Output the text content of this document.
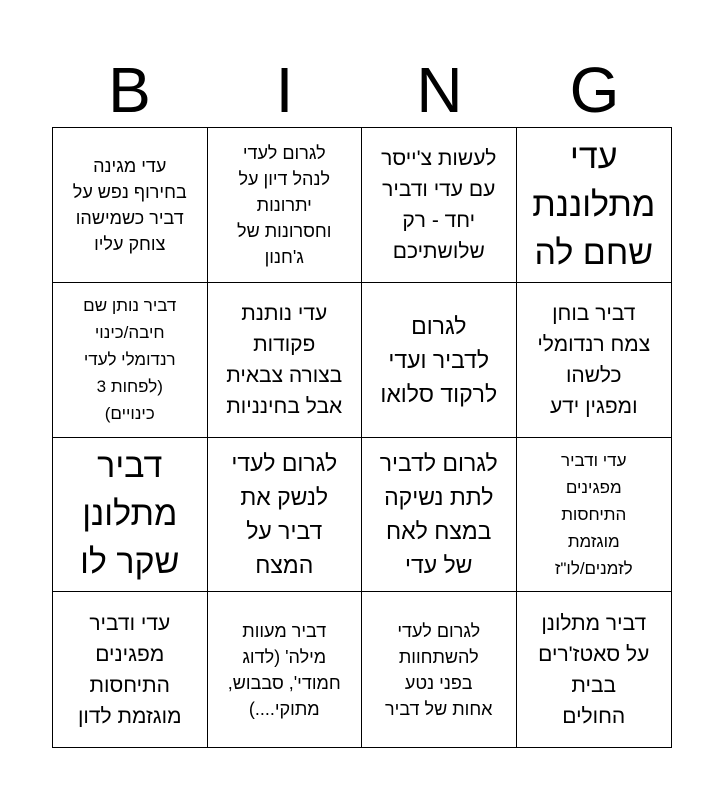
B	I	N	G
עדי מגינה
בחירוף נפש על
דביר כשמישהו
צוחק עליו
לגרום לעדי
לנהל דיון על
יתרונות
וחסרונות של
ג'חנון
לעשות צ'ייסר
עם עדי ודביר
יחד - רק
שלושתיכם
עדי
מתלוננת
שחם לה
דביר נותן שם
חיבה/כינוי
רנדומלי לעדי
(לפחות 3
כינויים)
עדי נותנת
פקודות
בצורה צבאית
אבל בחינניות
לגרום
לדביר ועדי
לרקוד סלואו
דביר בוחן
צמח רנדומלי
כלשהו
ומפגין ידע
דביר
מתלונן
שקר לו
לגרום לעדי
לנשק את
דביר על
המצח
לגרום לדביר
לתת נשיקה
במצח לאח
של עדי
עדי ודביר
מפגינים
התיחסות
מוגזמת
לזמנים/לו"ז
עדי ודביר
מפגינים
התיחסות
מוגזמת לדון
דביר מעוות
מילה' (לדוג
חמודי', סבבוש,
מתוקי....)
לגרום לעדי
להשתחוות
בפני נטע
אחות של דביר
דביר מתלונן
על סאטז'רים
בבית
החולים
